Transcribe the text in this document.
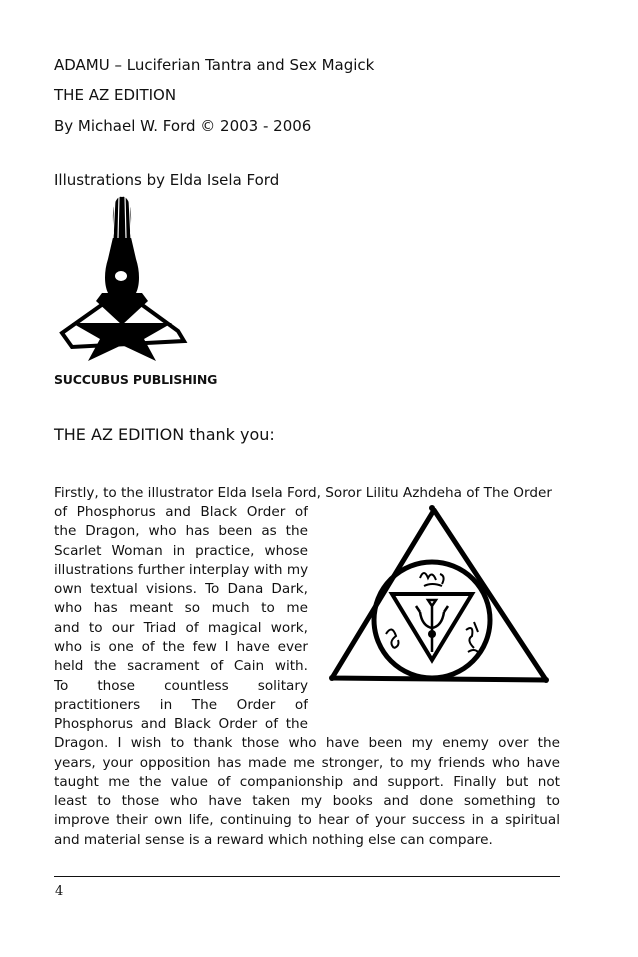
ADAMU – Luciferian Tantra and Sex Magick
THE AZ EDITION
By Michael W. Ford © 2003 - 2006
Illustrations by Elda Isela Ford
SUCCUBUS PUBLISHING
THE AZ EDITION thank you:
Firstly, to the illustrator Elda Isela Ford, Soror Lilitu Azhdeha of The Order
of Phosphorus and Black Order of
the Dragon, who has been as the
Scarlet Woman in practice, whose
illustrations further interplay with my
own textual visions. To Dana Dark,
who has meant so much to me
and to our Triad of magical work,
who is one of the few I have ever
held the sacrament of Cain with.
To those countless solitary
practitioners in The Order of
Phosphorus and Black Order of the
Dragon. I wish to thank those who have been my enemy over the
years, your opposition has made me stronger, to my friends who have
taught me the value of companionship and support. Finally but not
least to those who have taken my books and done something to
improve their own life, continuing to hear of your success in a spiritual
and material sense is a reward which nothing else can compare.
4
